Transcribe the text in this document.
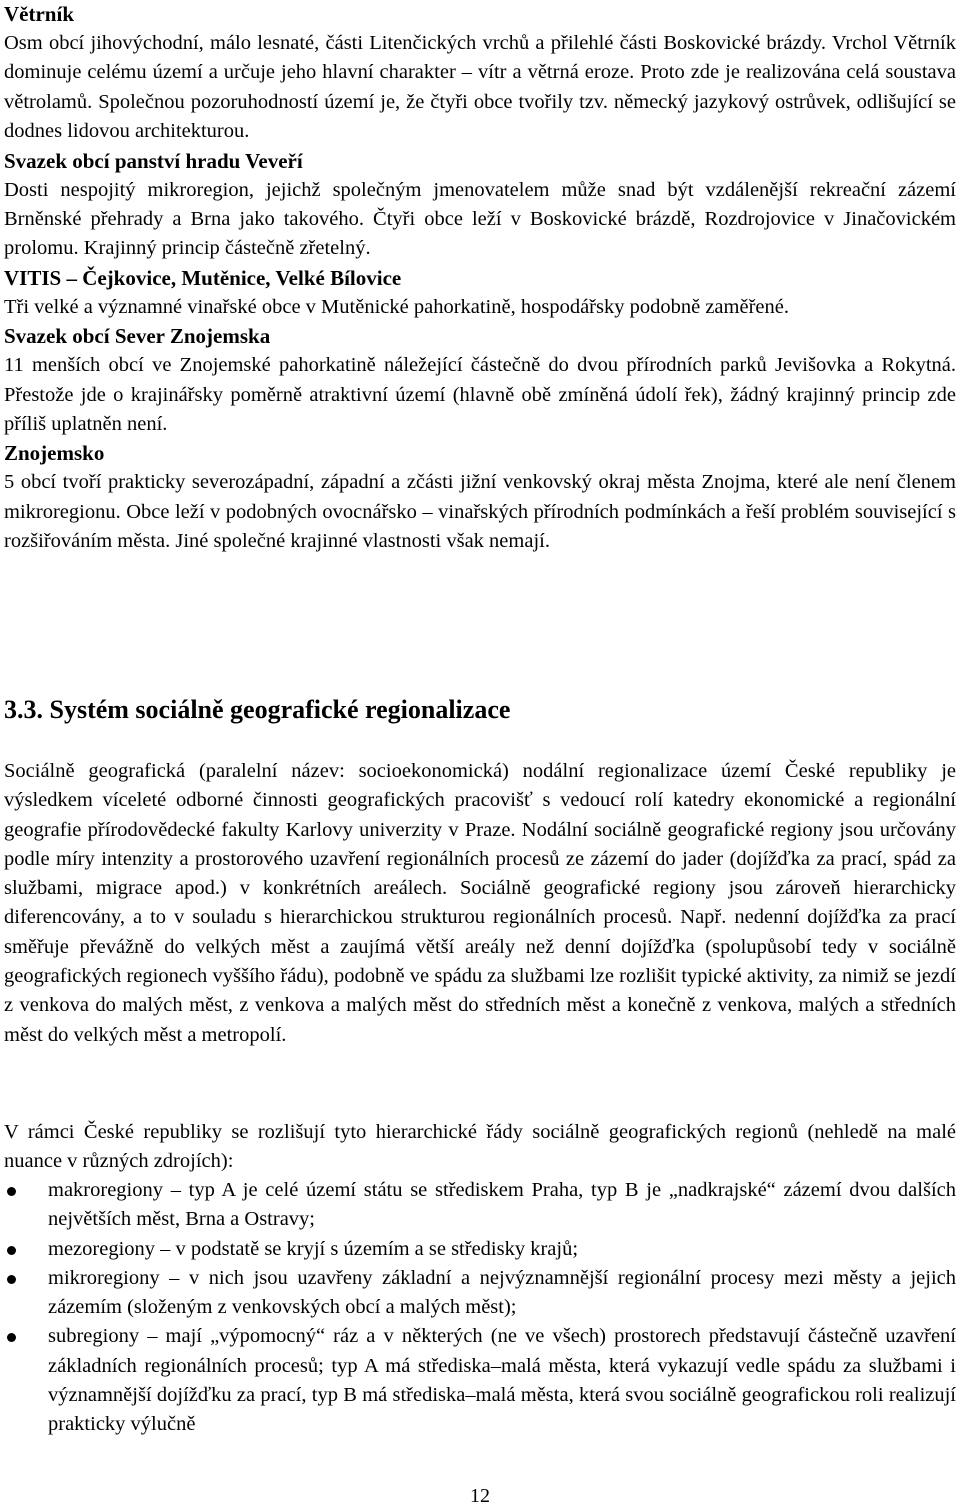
Větrník

Osm obcí jihovýchodní, málo lesnaté, části Litenčických vrchů a přilehlé části Boskovické brázdy. Vrchol Větrník dominuje celému území a určuje jeho hlavní charakter – vítr a větrná eroze. Proto zde je realizována celá soustava větrolamů. Společnou pozoruhodností území je, že čtyři obce tvořily tzv. německý jazykový ostrůvek, odlišující se dodnes lidovou architekturou.

Svazek obcí panství hradu Veveří

Dosti nespojitý mikroregion, jejichž společným jmenovatelem může snad být vzdálenější rekreační zázemí Brněnské přehrady a Brna jako takového. Čtyři obce leží v Boskovické brázdě, Rozdrojovice v Jinačovickém prolomu. Krajinný princip částečně zřetelný.

VITIS – Čejkovice, Mutěnice, Velké Bílovice

Tři velké a významné vinařské obce v Mutěnické pahorkatině, hospodářsky podobně zaměřené.

Svazek obcí Sever Znojemska

11 menších obcí ve Znojemské pahorkatině náležející částečně do dvou přírodních parků Jevišovka a Rokytná. Přestože jde o krajinářsky poměrně atraktivní území (hlavně obě zmíněná údolí řek), žádný krajinný princip zde příliš uplatněn není.

Znojemsko

5 obcí tvoří prakticky severozápadní, západní a zčásti jižní venkovský okraj města Znojma, které ale není členem mikroregionu. Obce leží v podobných ovocnářsko – vinařských přírodních podmínkách a řeší problém související s rozšiřováním města. Jiné společné krajinné vlastnosti však nemají.

3.3. Systém sociálně geografické regionalizace

Sociálně geografická (paralelní název: socioekonomická) nodální regionalizace území České republiky je výsledkem víceleté odborné činnosti geografických pracovišť s vedoucí rolí katedry ekonomické a regionální geografie přírodovědecké fakulty Karlovy univerzity v Praze. Nodální sociálně geografické regiony jsou určovány podle míry intenzity a prostorového uzavření regionálních procesů ze zázemí do jader (dojížďka za prací, spád za službami, migrace apod.) v konkrétních areálech. Sociálně geografické regiony jsou zároveň hierarchicky diferencovány, a to v souladu s hierarchickou strukturou regionálních procesů. Např. nedenní dojížďka za prací směřuje převážně do velkých měst a zaujímá větší areály než denní dojížďka (spolupůsobí tedy v sociálně geografických regionech vyššího řádu), podobně ve spádu za službami lze rozlišit typické aktivity, za nimiž se jezdí z venkova do malých měst, z venkova a malých měst do středních měst a konečně z venkova, malých a středních měst do velkých měst a metropolí.

V rámci České republiky se rozlišují tyto hierarchické řády sociálně geografických regionů (nehledě na malé nuance v různých zdrojích):

makroregiony – typ A je celé území státu se střediskem Praha, typ B je „nadkrajské“ zázemí dvou dalších největších měst, Brna a Ostravy;
mezoregiony – v podstatě se kryjí s územím a se středisky krajů;
mikroregiony – v nich jsou uzavřeny základní a nejvýznamnější regionální procesy mezi městy a jejich zázemím (složeným z venkovských obcí a malých měst);
subregiony – mají „výpomocný“ ráz a v některých (ne ve všech) prostorech představují částečně uzavření základních regionálních procesů; typ A má střediska–malá města, která vykazují vedle spádu za službami i významnější dojížďku za prací, typ B má střediska–malá města, která svou sociálně geografickou roli realizují prakticky výlučně
12
